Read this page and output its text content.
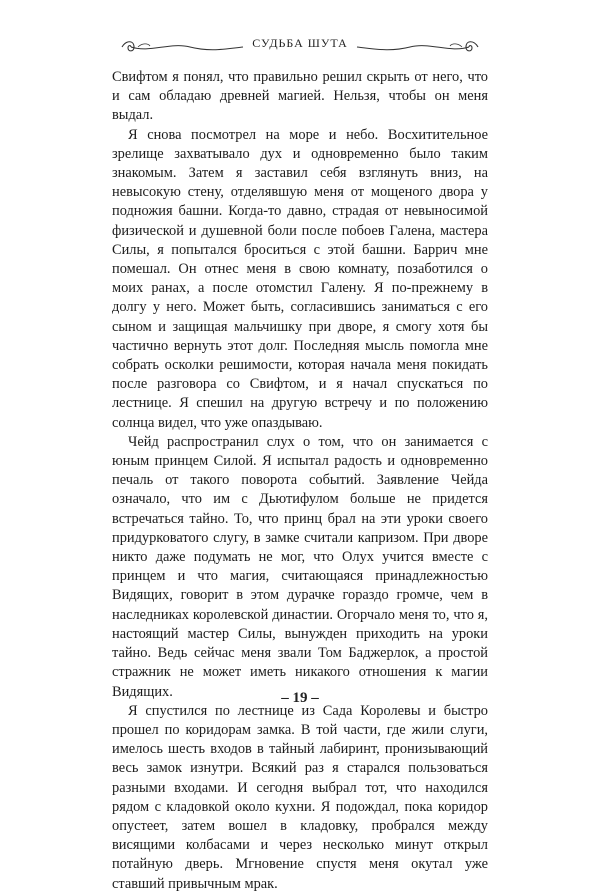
СУДЬБА ШУТА

Свифтом я понял, что правильно решил скрыть от него, что и сам обладаю древней магией. Нельзя, чтобы он меня выдал.

Я снова посмотрел на море и небо. Восхитительное зрелище захватывало дух и одновременно было таким знакомым. Затем я заставил себя взглянуть вниз, на невысокую стену, отделявшую меня от мощеного двора у подножия башни. Когда-то давно, страдая от невыносимой физической и душевной боли после побоев Галена, мастера Силы, я попытался броситься с этой башни. Баррич мне помешал. Он отнес меня в свою комнату, позаботился о моих ранах, а после отомстил Галену. Я по-прежнему в долгу у него. Может быть, согласившись заниматься с его сыном и защищая мальчишку при дворе, я смогу хотя бы частично вернуть этот долг. Последняя мысль помогла мне собрать осколки решимости, которая начала меня покидать после разговора со Свифтом, и я начал спускаться по лестнице. Я спешил на другую встречу и по положению солнца видел, что уже опаздываю.

Чейд распространил слух о том, что он занимается с юным принцем Силой. Я испытал радость и одновременно печаль от такого поворота событий. Заявление Чейда означало, что им с Дьютифулом больше не придется встречаться тайно. То, что принц брал на эти уроки своего придурковатого слугу, в замке считали капризом. При дворе никто даже подумать не мог, что Олух учится вместе с принцем и что магия, считающаяся принадлежностью Видящих, говорит в этом дурачке гораздо громче, чем в наследниках королевской династии. Огорчало меня то, что я, настоящий мастер Силы, вынужден приходить на уроки тайно. Ведь сейчас меня звали Том Баджерлок, а простой стражник не может иметь никакого отношения к магии Видящих.

Я спустился по лестнице из Сада Королевы и быстро прошел по коридорам замка. В той части, где жили слуги, имелось шесть входов в тайный лабиринт, пронизывающий весь замок изнутри. Всякий раз я старался пользоваться разными входами. И сегодня выбрал тот, что находился рядом с кладовкой около кухни. Я подождал, пока коридор опустеет, затем вошел в кладовку, пробрался между висящими колбасами и через несколько минут открыл потайную дверь. Мгновение спустя меня окутал уже ставший привычным мрак.

– 19 –
